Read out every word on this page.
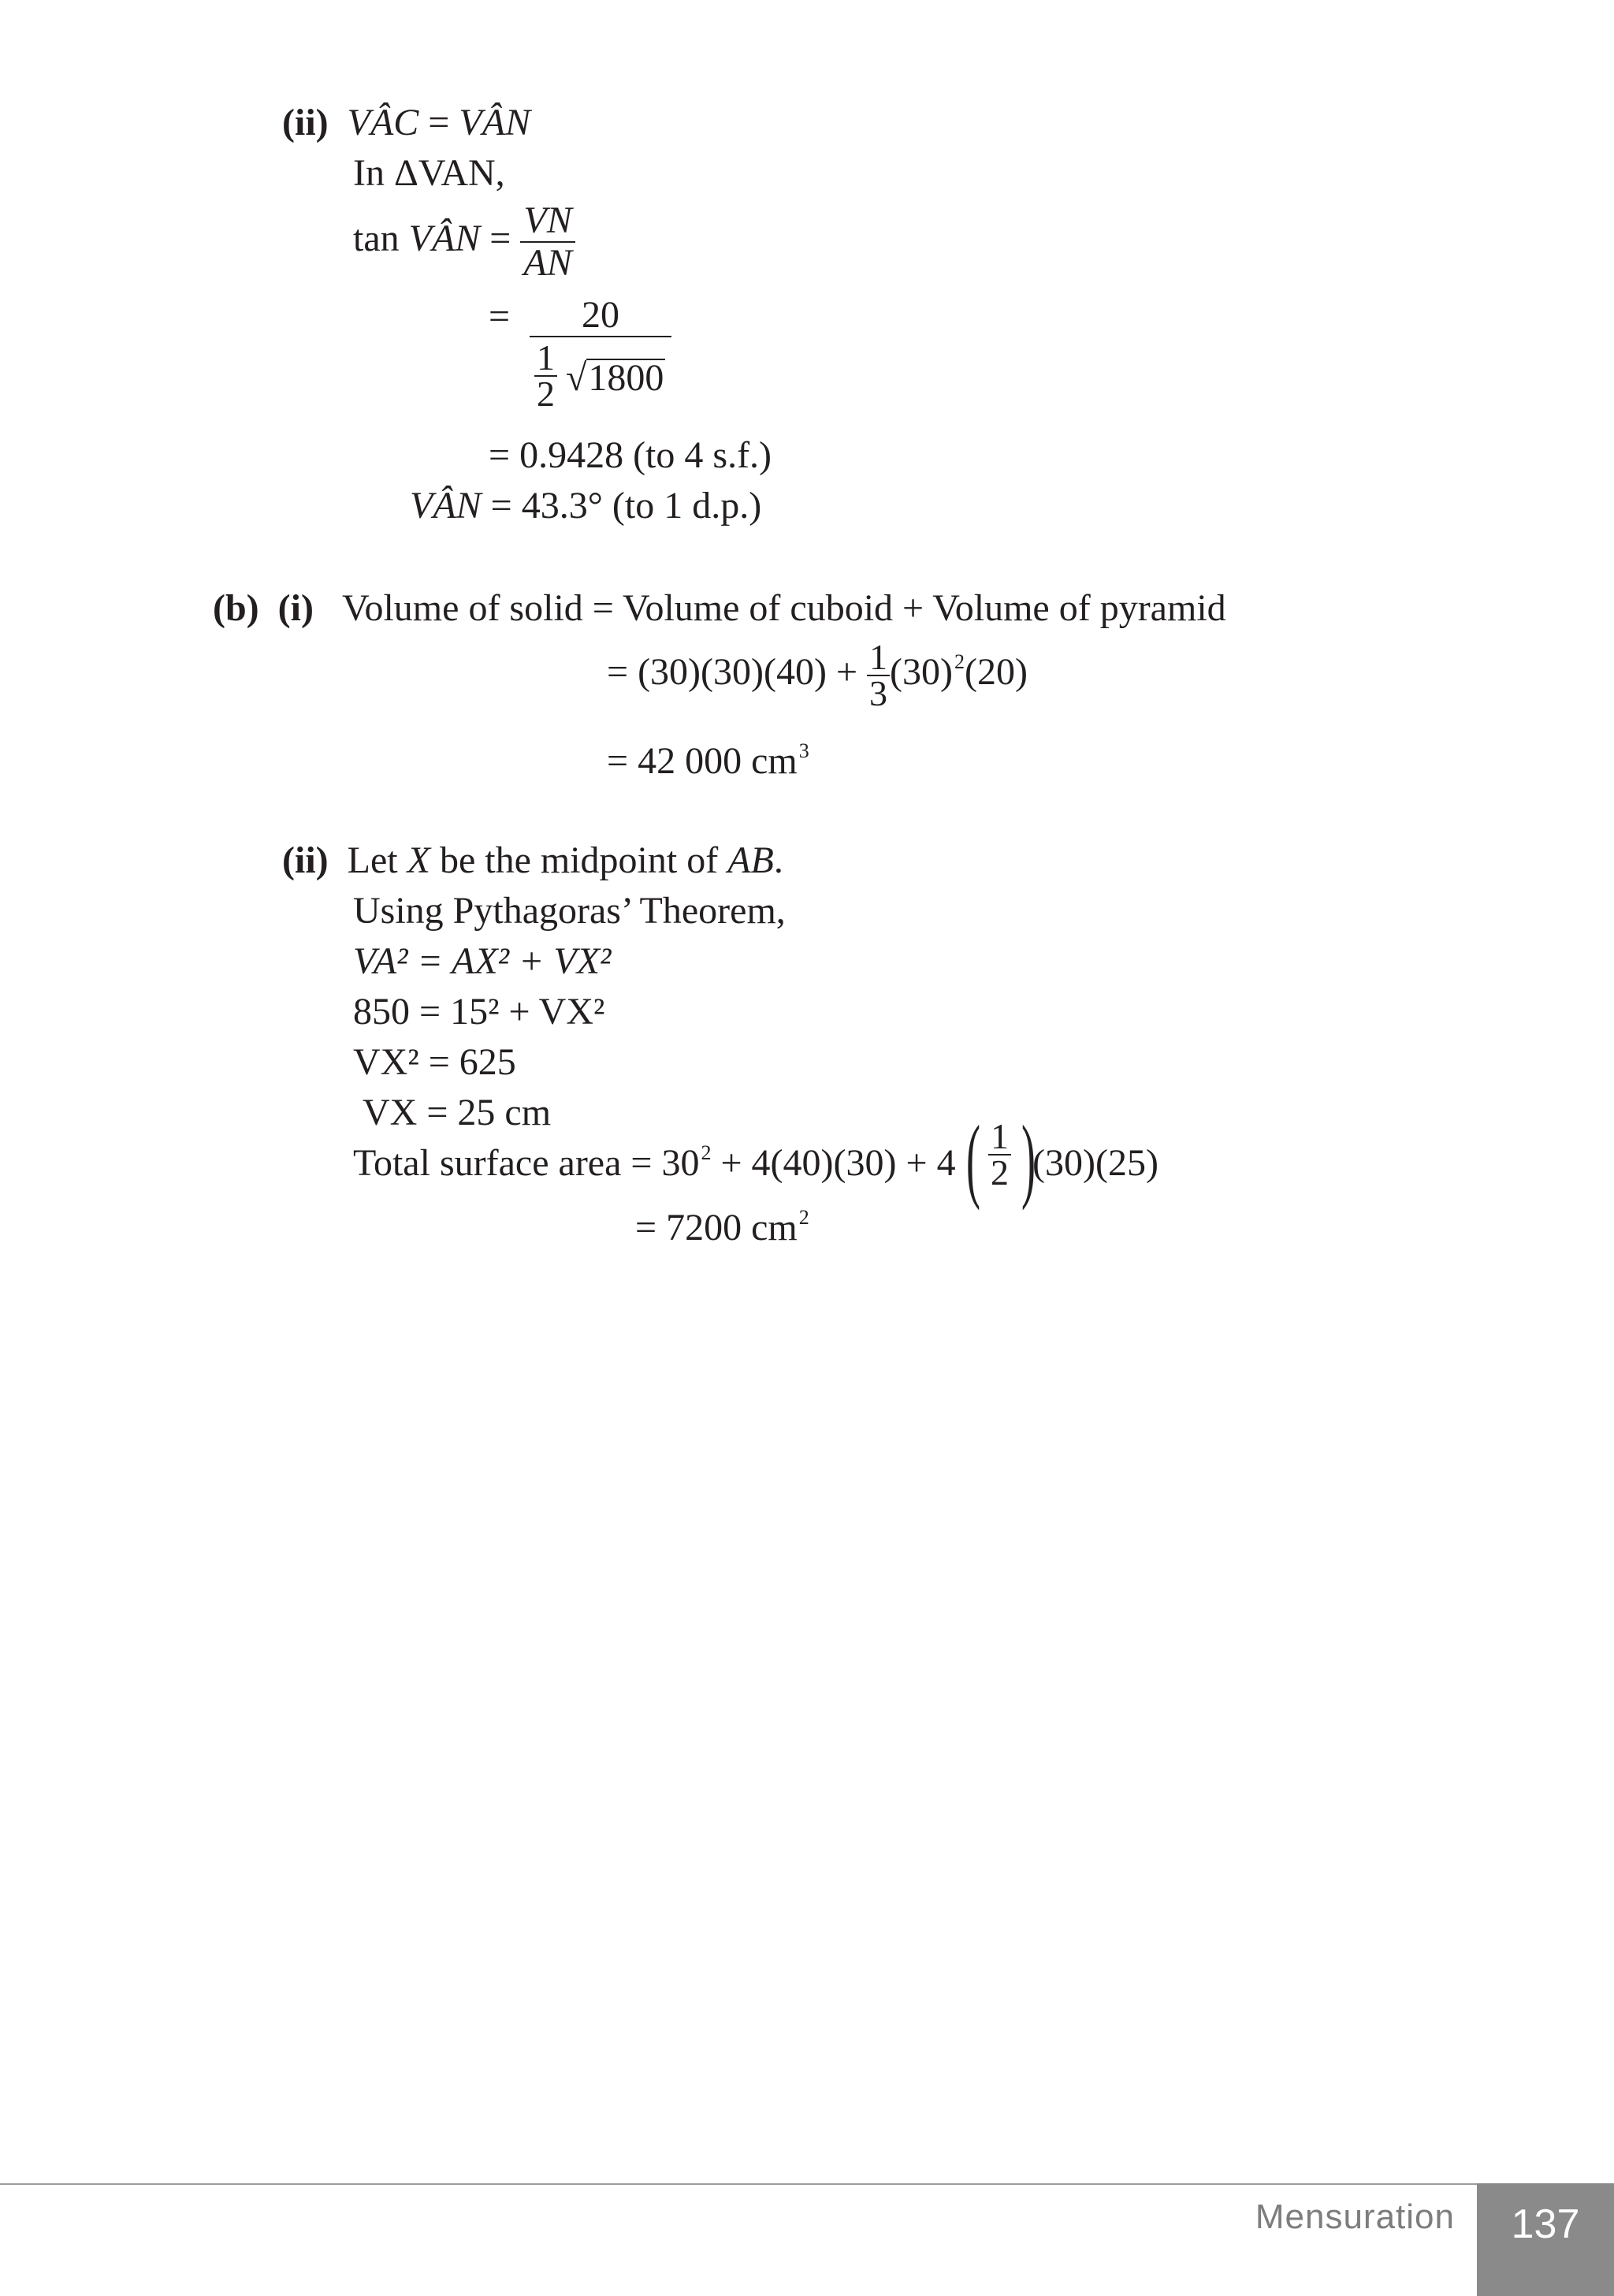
(ii) VÂC = VÂN
In ΔVAN,
tan VÂN = $\frac{VN}{AN}$
=	20
$\frac{1}{2} √1800$
= 0.9428 (to 4 s.f.)
VÂN = 43.3° (to 1 d.p.)
(b) (i) Volume of solid = Volume of cuboid + Volume of pyramid
= $(30)(30)(40) + \frac{1}{3} (30)^2(20)$
= 42 000 $cm^3$
(ii) Let X be the midpoint of AB.
Using Pythagoras’ Theorem,
VA² = AX² + VX²
850 = 15² + VX²
VX² = 625
VX = 25 cm
Total surface area = $30^2 + 4(40)(30) + 4$ ( $\frac{1}{2}$ )
(30)(25)
= 7200 $cm^2$
Mensuration	137
